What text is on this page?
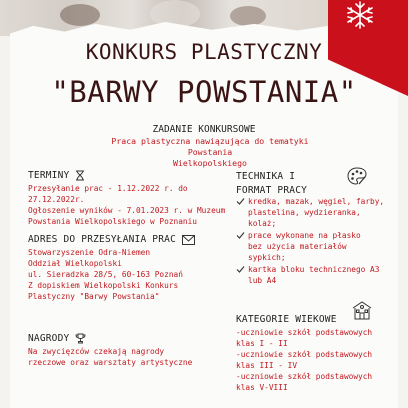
KONKURS PLASTYCZNY
"BARWY POWSTANIA"
ZADANIE KONKURSOWE
Praca plastyczna nawiązująca do tematyki Powstania
Wielkopolskiego
TERMINY
Przesyłanie prac - 1.12.2022 r. do 27.12.2022r.
Ogłoszenie wyników - 7.01.2023 r. w Muzeum
Powstania Wielkopolskiego w Poznaniu
ADRES DO PRZESYŁANIA PRAC
Stowarzyszenie Odra-Niemen
Oddział Wielkopolski
ul. Sieradzka 28/5, 60-163 Poznań
Z dopiskiem Wielkopolski Konkurs
Plastyczny "Barwy Powstania"
NAGRODY
Na zwycięzców czekają nagrody
rzeczowe oraz warsztaty artystyczne
TECHNIKA I
FORMAT PRACY
kredka, mazak, węgiel, farby,
plastelina, wydzieranka,
kolaż;
prace wykonane na płasko
bez użycia materiałów
sypkich;
kartka bloku technicznego A3
lub A4
KATEGORIE WIEKOWE
-uczniowie szkół podstawowych
klas I - II
-uczniowie szkół podstawowych
klas III - IV
-uczniowie szkół podstawowych
klas V-VIII
